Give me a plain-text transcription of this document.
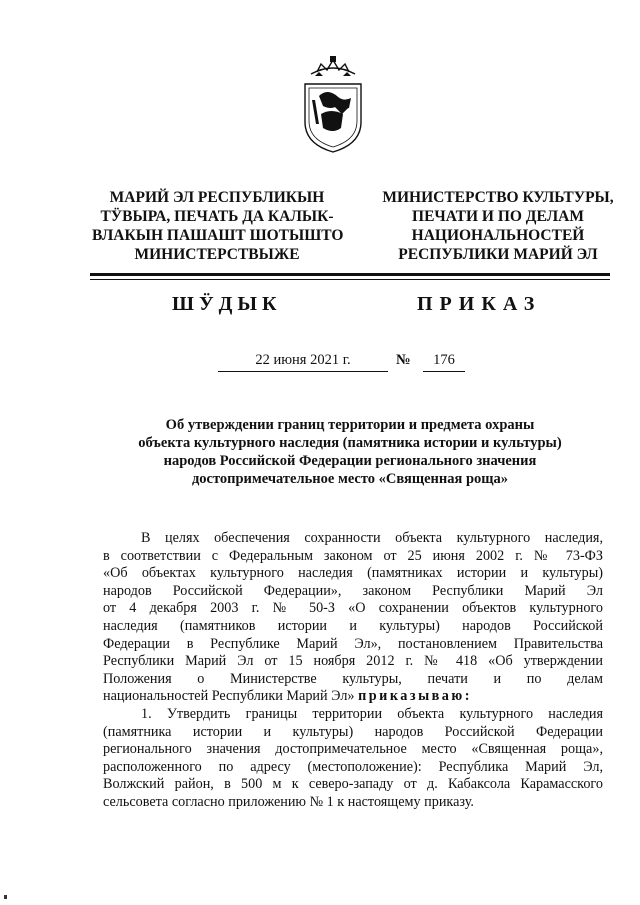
МАРИЙ ЭЛ РЕСПУБЛИКЫН
ТӰВЫРА, ПЕЧАТЬ ДА КАЛЫК-
ВЛАКЫН ПАШАШТ ШОТЫШТО
МИНИСТЕРСТВЫЖЕ
МИНИСТЕРСТВО КУЛЬТУРЫ,
ПЕЧАТИ И ПО ДЕЛАМ
НАЦИОНАЛЬНОСТЕЙ
РЕСПУБЛИКИ МАРИЙ ЭЛ
ШӰДЫК	ПРИКАЗ
22 июня 2021 г.	№	176
Об утверждении границ территории и предмета охраны
объекта культурного наследия (памятника истории и культуры)
народов Российской Федерации регионального значения
достопримечательное место «Священная роща»

В целях обеспечения сохранности объекта культурного наследия,
в соответствии с Федеральным законом от 25 июня 2002 г. № 73-ФЗ
«Об объектах культурного наследия (памятниках истории и культуры)
народов Российской Федерации», законом Республики Марий Эл
от 4 декабря 2003 г. № 50-З «О сохранении объектов культурного
наследия (памятников истории и культуры) народов Российской
Федерации в Республике Марий Эл», постановлением Правительства
Республики Марий Эл от 15 ноября 2012 г. № 418 «Об утверждении
Положения о Министерстве культуры, печати и по делам
национальностей Республики Марий Эл» приказываю:

1. Утвердить границы территории объекта культурного наследия
(памятника истории и культуры) народов Российской Федерации
регионального значения достопримечательное место «Священная роща»,
расположенного по адресу (местоположение): Республика Марий Эл,
Волжский район, в 500 м к северо-западу от д. Кабаксола Карамасского
сельсовета согласно приложению № 1 к настоящему приказу.
